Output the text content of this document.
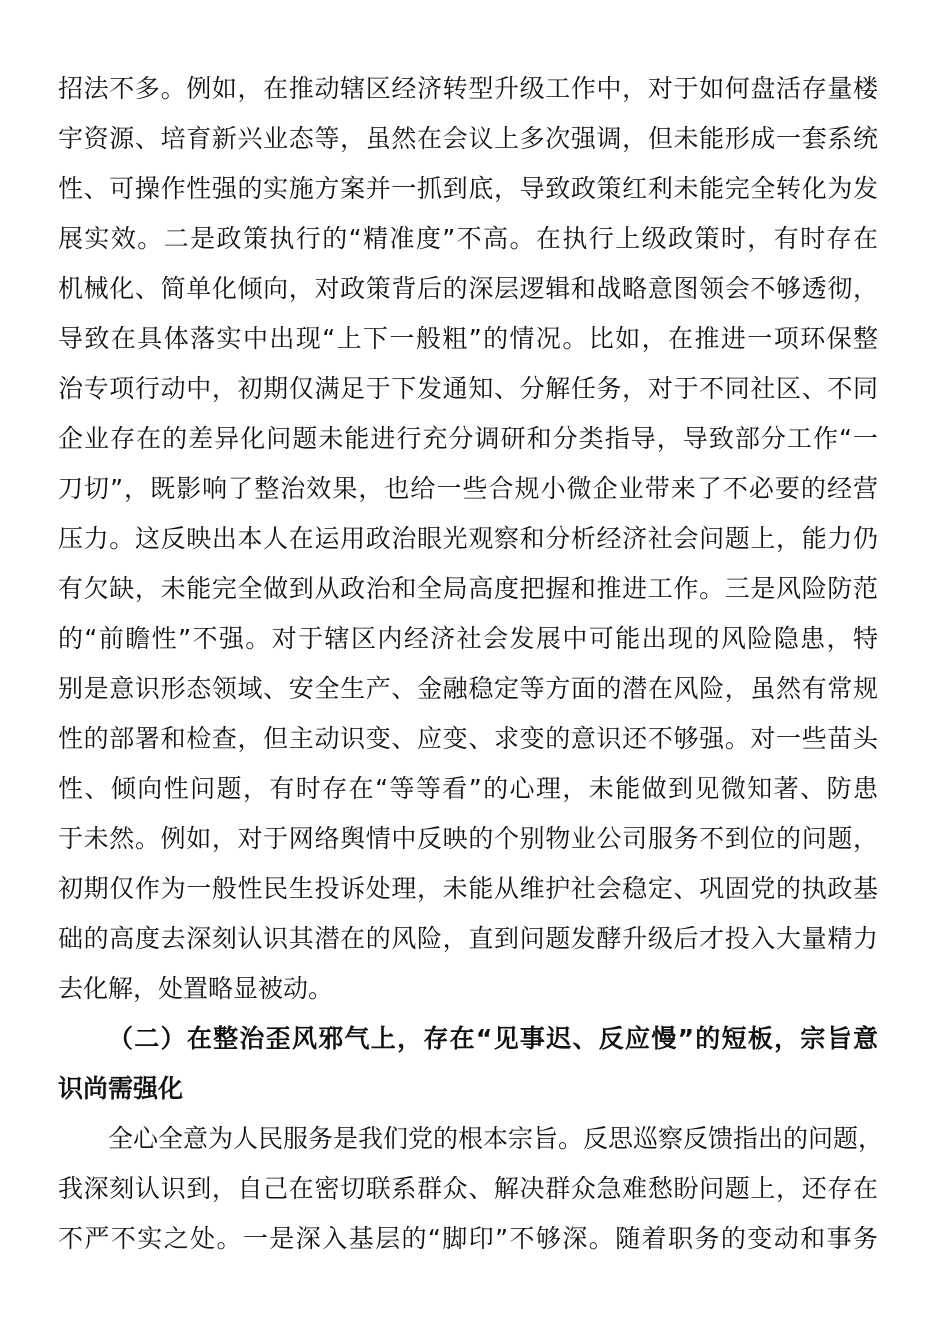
招法不多。例如，在推动辖区经济转型升级工作中，对于如何盘活存量楼
宇资源、培育新兴业态等，虽然在会议上多次强调，但未能形成一套系统
性、可操作性强的实施方案并一抓到底，导致政策红利未能完全转化为发
展实效。二是政策执行的“精准度”不高。在执行上级政策时，有时存在
机械化、简单化倾向，对政策背后的深层逻辑和战略意图领会不够透彻，
导致在具体落实中出现“上下一般粗”的情况。比如，在推进一项环保整
治专项行动中，初期仅满足于下发通知、分解任务，对于不同社区、不同
企业存在的差异化问题未能进行充分调研和分类指导，导致部分工作“一
刀切”，既影响了整治效果，也给一些合规小微企业带来了不必要的经营
压力。这反映出本人在运用政治眼光观察和分析经济社会问题上，能力仍
有欠缺，未能完全做到从政治和全局高度把握和推进工作。三是风险防范
的“前瞻性”不强。对于辖区内经济社会发展中可能出现的风险隐患，特
别是意识形态领域、安全生产、金融稳定等方面的潜在风险，虽然有常规
性的部署和检查，但主动识变、应变、求变的意识还不够强。对一些苗头
性、倾向性问题，有时存在“等等看”的心理，未能做到见微知著、防患
于未然。例如，对于网络舆情中反映的个别物业公司服务不到位的问题，
初期仅作为一般性民生投诉处理，未能从维护社会稳定、巩固党的执政基
础的高度去深刻认识其潜在的风险，直到问题发酵升级后才投入大量精力
去化解，处置略显被动。
（二）在整治歪风邪气上，存在“见事迟、反应慢”的短板，宗旨意
识尚需强化
全心全意为人民服务是我们党的根本宗旨。反思巡察反馈指出的问题，
我深刻认识到，自己在密切联系群众、解决群众急难愁盼问题上，还存在
不严不实之处。一是深入基层的“脚印”不够深。随着职务的变动和事务
